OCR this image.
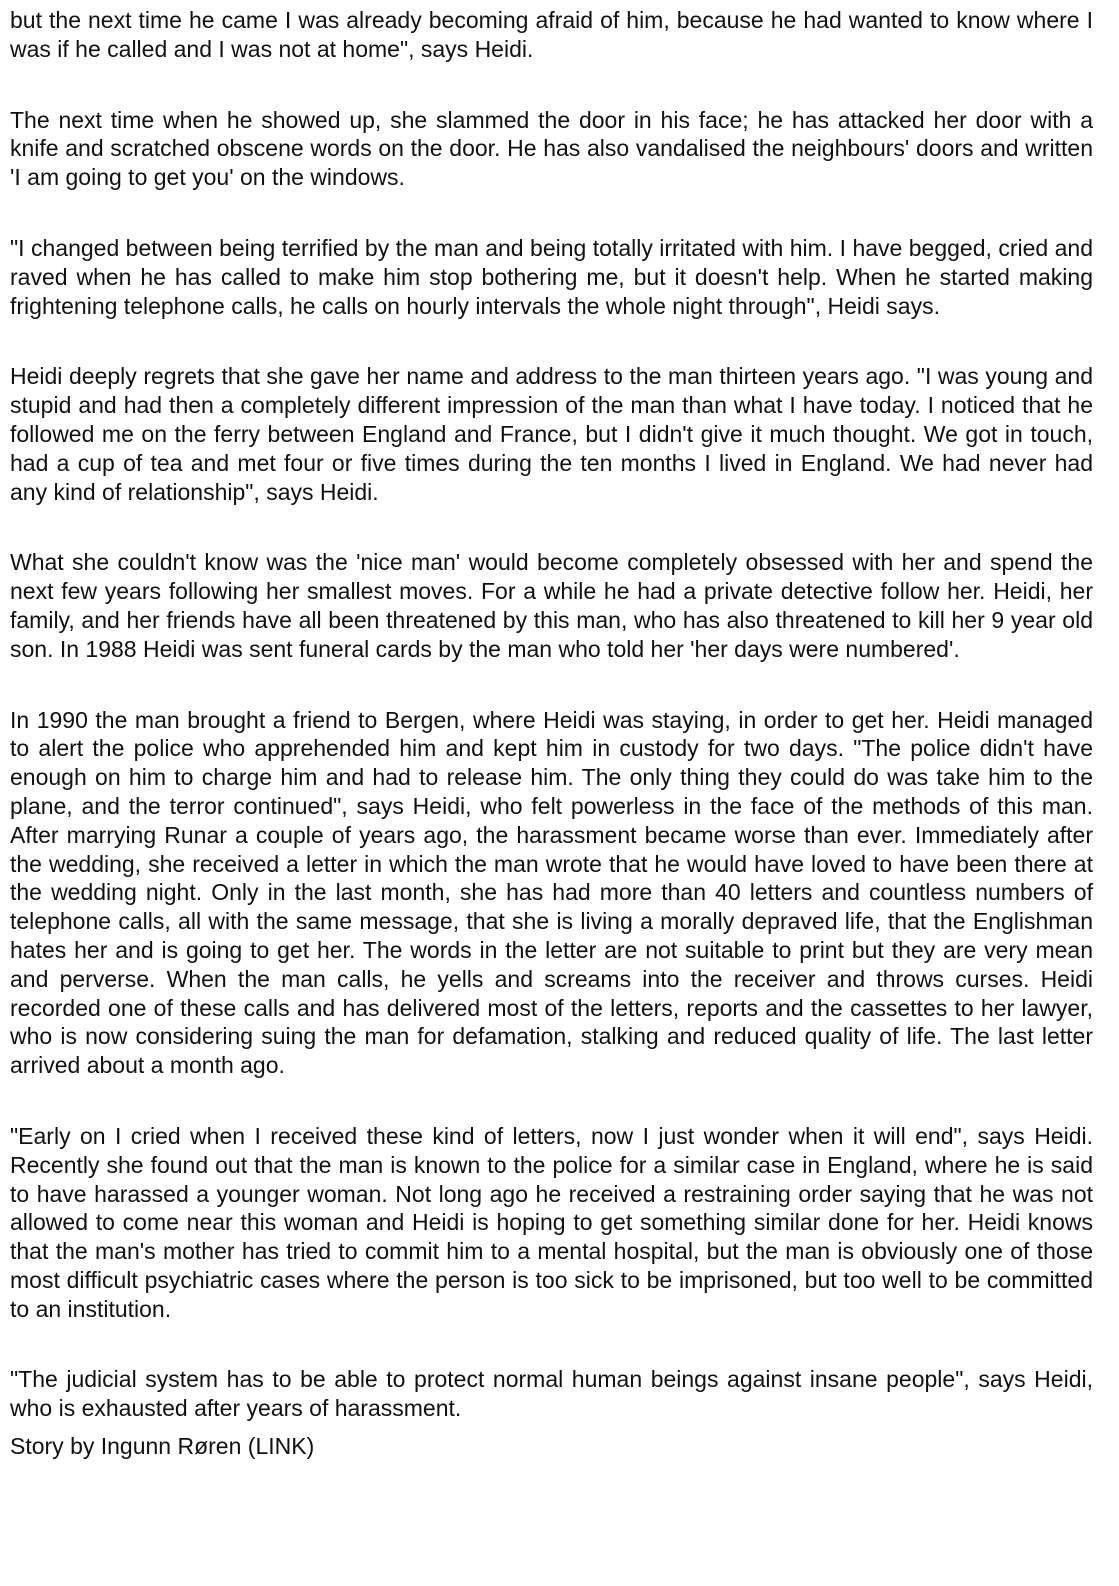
but the next time he came I was already becoming afraid of him, because he had wanted to know where I was if he called and I was not at home", says Heidi.

The next time when he showed up, she slammed the door in his face; he has attacked her door with a knife and scratched obscene words on the door. He has also vandalised the neighbours' doors and written 'I am going to get you' on the windows.

"I changed between being terrified by the man and being totally irritated with him. I have begged, cried and raved when he has called to make him stop bothering me, but it doesn't help. When he started making frightening telephone calls, he calls on hourly intervals the whole night through", Heidi says.

Heidi deeply regrets that she gave her name and address to the man thirteen years ago. "I was young and stupid and had then a completely different impression of the man than what I have today. I noticed that he followed me on the ferry between England and France, but I didn't give it much thought. We got in touch, had a cup of tea and met four or five times during the ten months I lived in England. We had never had any kind of relationship", says Heidi.

What she couldn't know was the 'nice man' would become completely obsessed with her and spend the next few years following her smallest moves. For a while he had a private detective follow her. Heidi, her family, and her friends have all been threatened by this man, who has also threatened to kill her 9 year old son. In 1988 Heidi was sent funeral cards by the man who told her 'her days were numbered'.

In 1990 the man brought a friend to Bergen, where Heidi was staying, in order to get her. Heidi managed to alert the police who apprehended him and kept him in custody for two days. "The police didn't have enough on him to charge him and had to release him. The only thing they could do was take him to the plane, and the terror continued", says Heidi, who felt powerless in the face of the methods of this man. After marrying Runar a couple of years ago, the harassment became worse than ever. Immediately after the wedding, she received a letter in which the man wrote that he would have loved to have been there at the wedding night. Only in the last month, she has had more than 40 letters and countless numbers of telephone calls, all with the same message, that she is living a morally depraved life, that the Englishman hates her and is going to get her. The words in the letter are not suitable to print but they are very mean and perverse. When the man calls, he yells and screams into the receiver and throws curses. Heidi recorded one of these calls and has delivered most of the letters, reports and the cassettes to her lawyer, who is now considering suing the man for defamation, stalking and reduced quality of life. The last letter arrived about a month ago.

"Early on I cried when I received these kind of letters, now I just wonder when it will end", says Heidi. Recently she found out that the man is known to the police for a similar case in England, where he is said to have harassed a younger woman. Not long ago he received a restraining order saying that he was not allowed to come near this woman and Heidi is hoping to get something similar done for her. Heidi knows that the man's mother has tried to commit him to a mental hospital, but the man is obviously one of those most difficult psychiatric cases where the person is too sick to be imprisoned, but too well to be committed to an institution.

"The judicial system has to be able to protect normal human beings against insane people", says Heidi, who is exhausted after years of harassment.

Story by Ingunn Røren (LINK)
